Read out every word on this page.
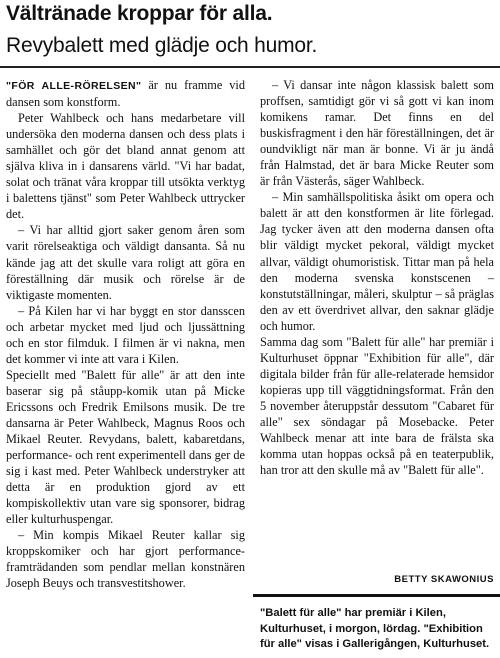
Vältränade kroppar för alla.
Revybalett med glädje och humor.

"FÖR ALLE-RÖRELSEN" är nu framme vid dansen som konstform.

Peter Wahlbeck och hans medarbetare vill undersöka den moderna dansen och dess plats i samhället och gör det bland annat genom att själva kliva in i dansarens värld. "Vi har badat, solat och tränat våra kroppar till utsökta verktyg i balettens tjänst" som Peter Wahlbeck uttrycker det.

– Vi har alltid gjort saker genom åren som varit rörelseaktiga och väldigt dansanta. Så nu kände jag att det skulle vara roligt att göra en föreställning där musik och rörelse är de viktigaste momenten.

– På Kilen har vi har byggt en stor dansscen och arbetar mycket med ljud och ljussättning och en stor filmduk. I filmen är vi nakna, men det kommer vi inte att vara i Kilen.

Speciellt med "Balett für alle" är att den inte baserar sig på ståupp-komik utan på Micke Ericssons och Fredrik Emilsons musik. De tre dansarna är Peter Wahlbeck, Magnus Roos och Mikael Reuter. Revydans, balett, kabaretdans, performance- och rent experimentell dans ger de sig i kast med. Peter Wahlbeck understryker att detta är en produktion gjord av ett kompiskollektiv utan vare sig sponsorer, bidrag eller kulturhuspengar.

– Min kompis Mikael Reuter kallar sig kroppskomiker och har gjort performance-framträdanden som pendlar mellan konstnären Joseph Beuys och transvestitshower.

– Vi dansar inte någon klassisk balett som proffsen, samtidigt gör vi så gott vi kan inom komikens ramar. Det finns en del buskisfragment i den här föreställningen, det är oundvikligt när man är bonne. Vi är ju ändå från Halmstad, det är bara Micke Reuter som är från Västerås, säger Wahlbeck.

– Min samhällspolitiska åsikt om opera och balett är att den konstformen är lite förlegad. Jag tycker även att den moderna dansen ofta blir väldigt mycket pekoral, väldigt mycket allvar, väldigt ohumoristisk. Tittar man på hela den moderna svenska konstscenen – konstutställningar, måleri, skulptur – så präglas den av ett överdrivet allvar, den saknar glädje och humor.

Samma dag som "Balett für alle" har premiär i Kulturhuset öppnar "Exhibition für alle", där digitala bilder från für alle-relaterade hemsidor kopieras upp till väggtidningsformat. Från den 5 november återuppstår dessutom "Cabaret für alle" sex söndagar på Mosebacke. Peter Wahlbeck menar att inte bara de frälsta ska komma utan hoppas också på en teaterpublik, han tror att den skulle må av "Balett für alle".

BETTY SKAWONIUS
"Balett für alle" har premiär i Kilen, Kulturhuset, i morgon, lördag. "Exhibition für alle" visas i Gallerigången, Kulturhuset.
